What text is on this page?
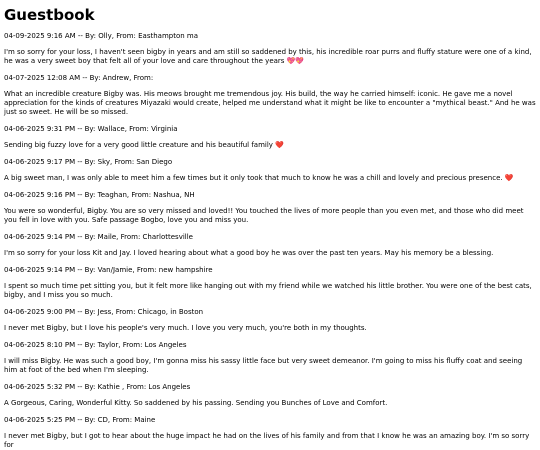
Guestbook

04-09-2025 9:16 AM -- By: Olly, From: Easthampton ma

I'm so sorry for your loss, I haven't seen bigby in years and am still so saddened by this, his incredible roar purrs and fluffy stature were one of a kind, he was a very sweet boy that felt all of your love and care throughout the years 💖💖

04-07-2025 12:08 AM -- By: Andrew, From:

What an incredible creature Bigby was. His meows brought me tremendous joy. His build, the way he carried himself: iconic. He gave me a novel appreciation for the kinds of creatures Miyazaki would create, helped me understand what it might be like to encounter a "mythical beast." And he was just so sweet. He will be so missed.

04-06-2025 9:31 PM -- By: Wallace, From: Virginia

Sending big fuzzy love for a very good little creature and his beautiful family ❤️

04-06-2025 9:17 PM -- By: Sky, From: San Diego

A big sweet man, I was only able to meet him a few times but it only took that much to know he was a chill and lovely and precious presence. ❤️

04-06-2025 9:16 PM -- By: Teaghan, From: Nashua, NH

You were so wonderful, Bigby. You are so very missed and loved!! You touched the lives of more people than you even met, and those who did meet you fell in love with you. Safe passage Bogbo, love you and miss you.

04-06-2025 9:14 PM -- By: Maile, From: Charlottesville

I'm so sorry for your loss Kit and Jay. I loved hearing about what a good boy he was over the past ten years. May his memory be a blessing.

04-06-2025 9:14 PM -- By: Van/Jamie, From: new hampshire

I spent so much time pet sitting you, but it felt more like hanging out with my friend while we watched his little brother. You were one of the best cats, bigby, and I miss you so much.

04-06-2025 9:00 PM -- By: Jess, From: Chicago, in Boston

I never met Bigby, but I love his people's very much. I love you very much, you're both in my thoughts.

04-06-2025 8:10 PM -- By: Taylor, From: Los Angeles

I will miss Bigby. He was such a good boy, I'm gonna miss his sassy little face but very sweet demeanor. I'm going to miss his fluffy coat and seeing him at foot of the bed when I'm sleeping.

04-06-2025 5:32 PM -- By: Kathie , From: Los Angeles

A Gorgeous, Caring, Wonderful Kitty. So saddened by his passing. Sending you Bunches of Love and Comfort.

04-06-2025 5:25 PM -- By: CD, From: Maine

I never met Bigby, but I got to hear about the huge impact he had on the lives of his family and from that I know he was an amazing boy. I'm so sorry for
